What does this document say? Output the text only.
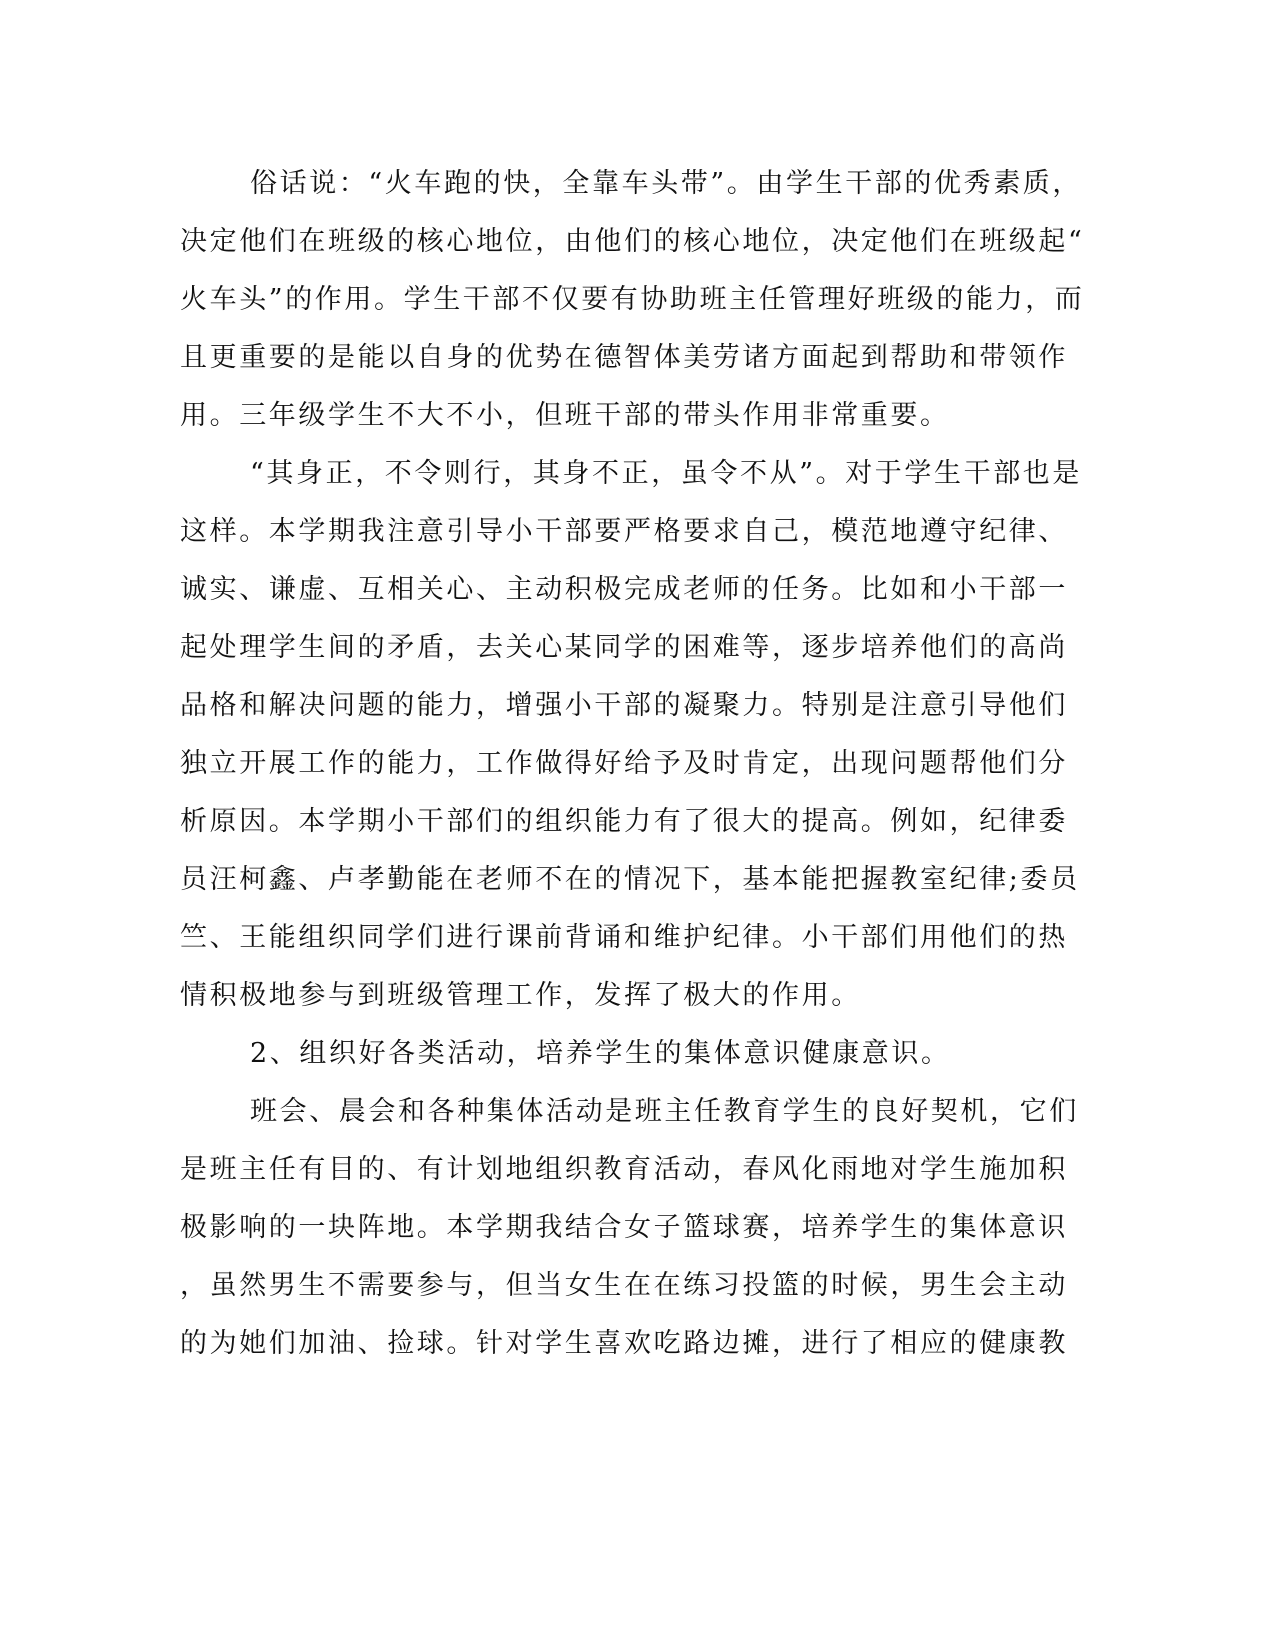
俗话说：“火车跑的快，全靠车头带”。由学生干部的优秀素质，
决定他们在班级的核心地位，由他们的核心地位，决定他们在班级起“
火车头”的作用。学生干部不仅要有协助班主任管理好班级的能力，而
且更重要的是能以自身的优势在德智体美劳诸方面起到帮助和带领作
用。三年级学生不大不小，但班干部的带头作用非常重要。
“其身正，不令则行，其身不正，虽令不从”。对于学生干部也是
这样。本学期我注意引导小干部要严格要求自己，模范地遵守纪律、
诚实、谦虚、互相关心、主动积极完成老师的任务。比如和小干部一
起处理学生间的矛盾，去关心某同学的困难等，逐步培养他们的高尚
品格和解决问题的能力，增强小干部的凝聚力。特别是注意引导他们
独立开展工作的能力，工作做得好给予及时肯定，出现问题帮他们分
析原因。本学期小干部们的组织能力有了很大的提高。例如，纪律委
员汪柯鑫、卢孝勤能在老师不在的情况下，基本能把握教室纪律;委员
竺、王能组织同学们进行课前背诵和维护纪律。小干部们用他们的热
情积极地参与到班级管理工作，发挥了极大的作用。
2、组织好各类活动，培养学生的集体意识健康意识。
班会、晨会和各种集体活动是班主任教育学生的良好契机，它们
是班主任有目的、有计划地组织教育活动，春风化雨地对学生施加积
极影响的一块阵地。本学期我结合女子篮球赛，培养学生的集体意识
，虽然男生不需要参与，但当女生在在练习投篮的时候，男生会主动
的为她们加油、捡球。针对学生喜欢吃路边摊，进行了相应的健康教
